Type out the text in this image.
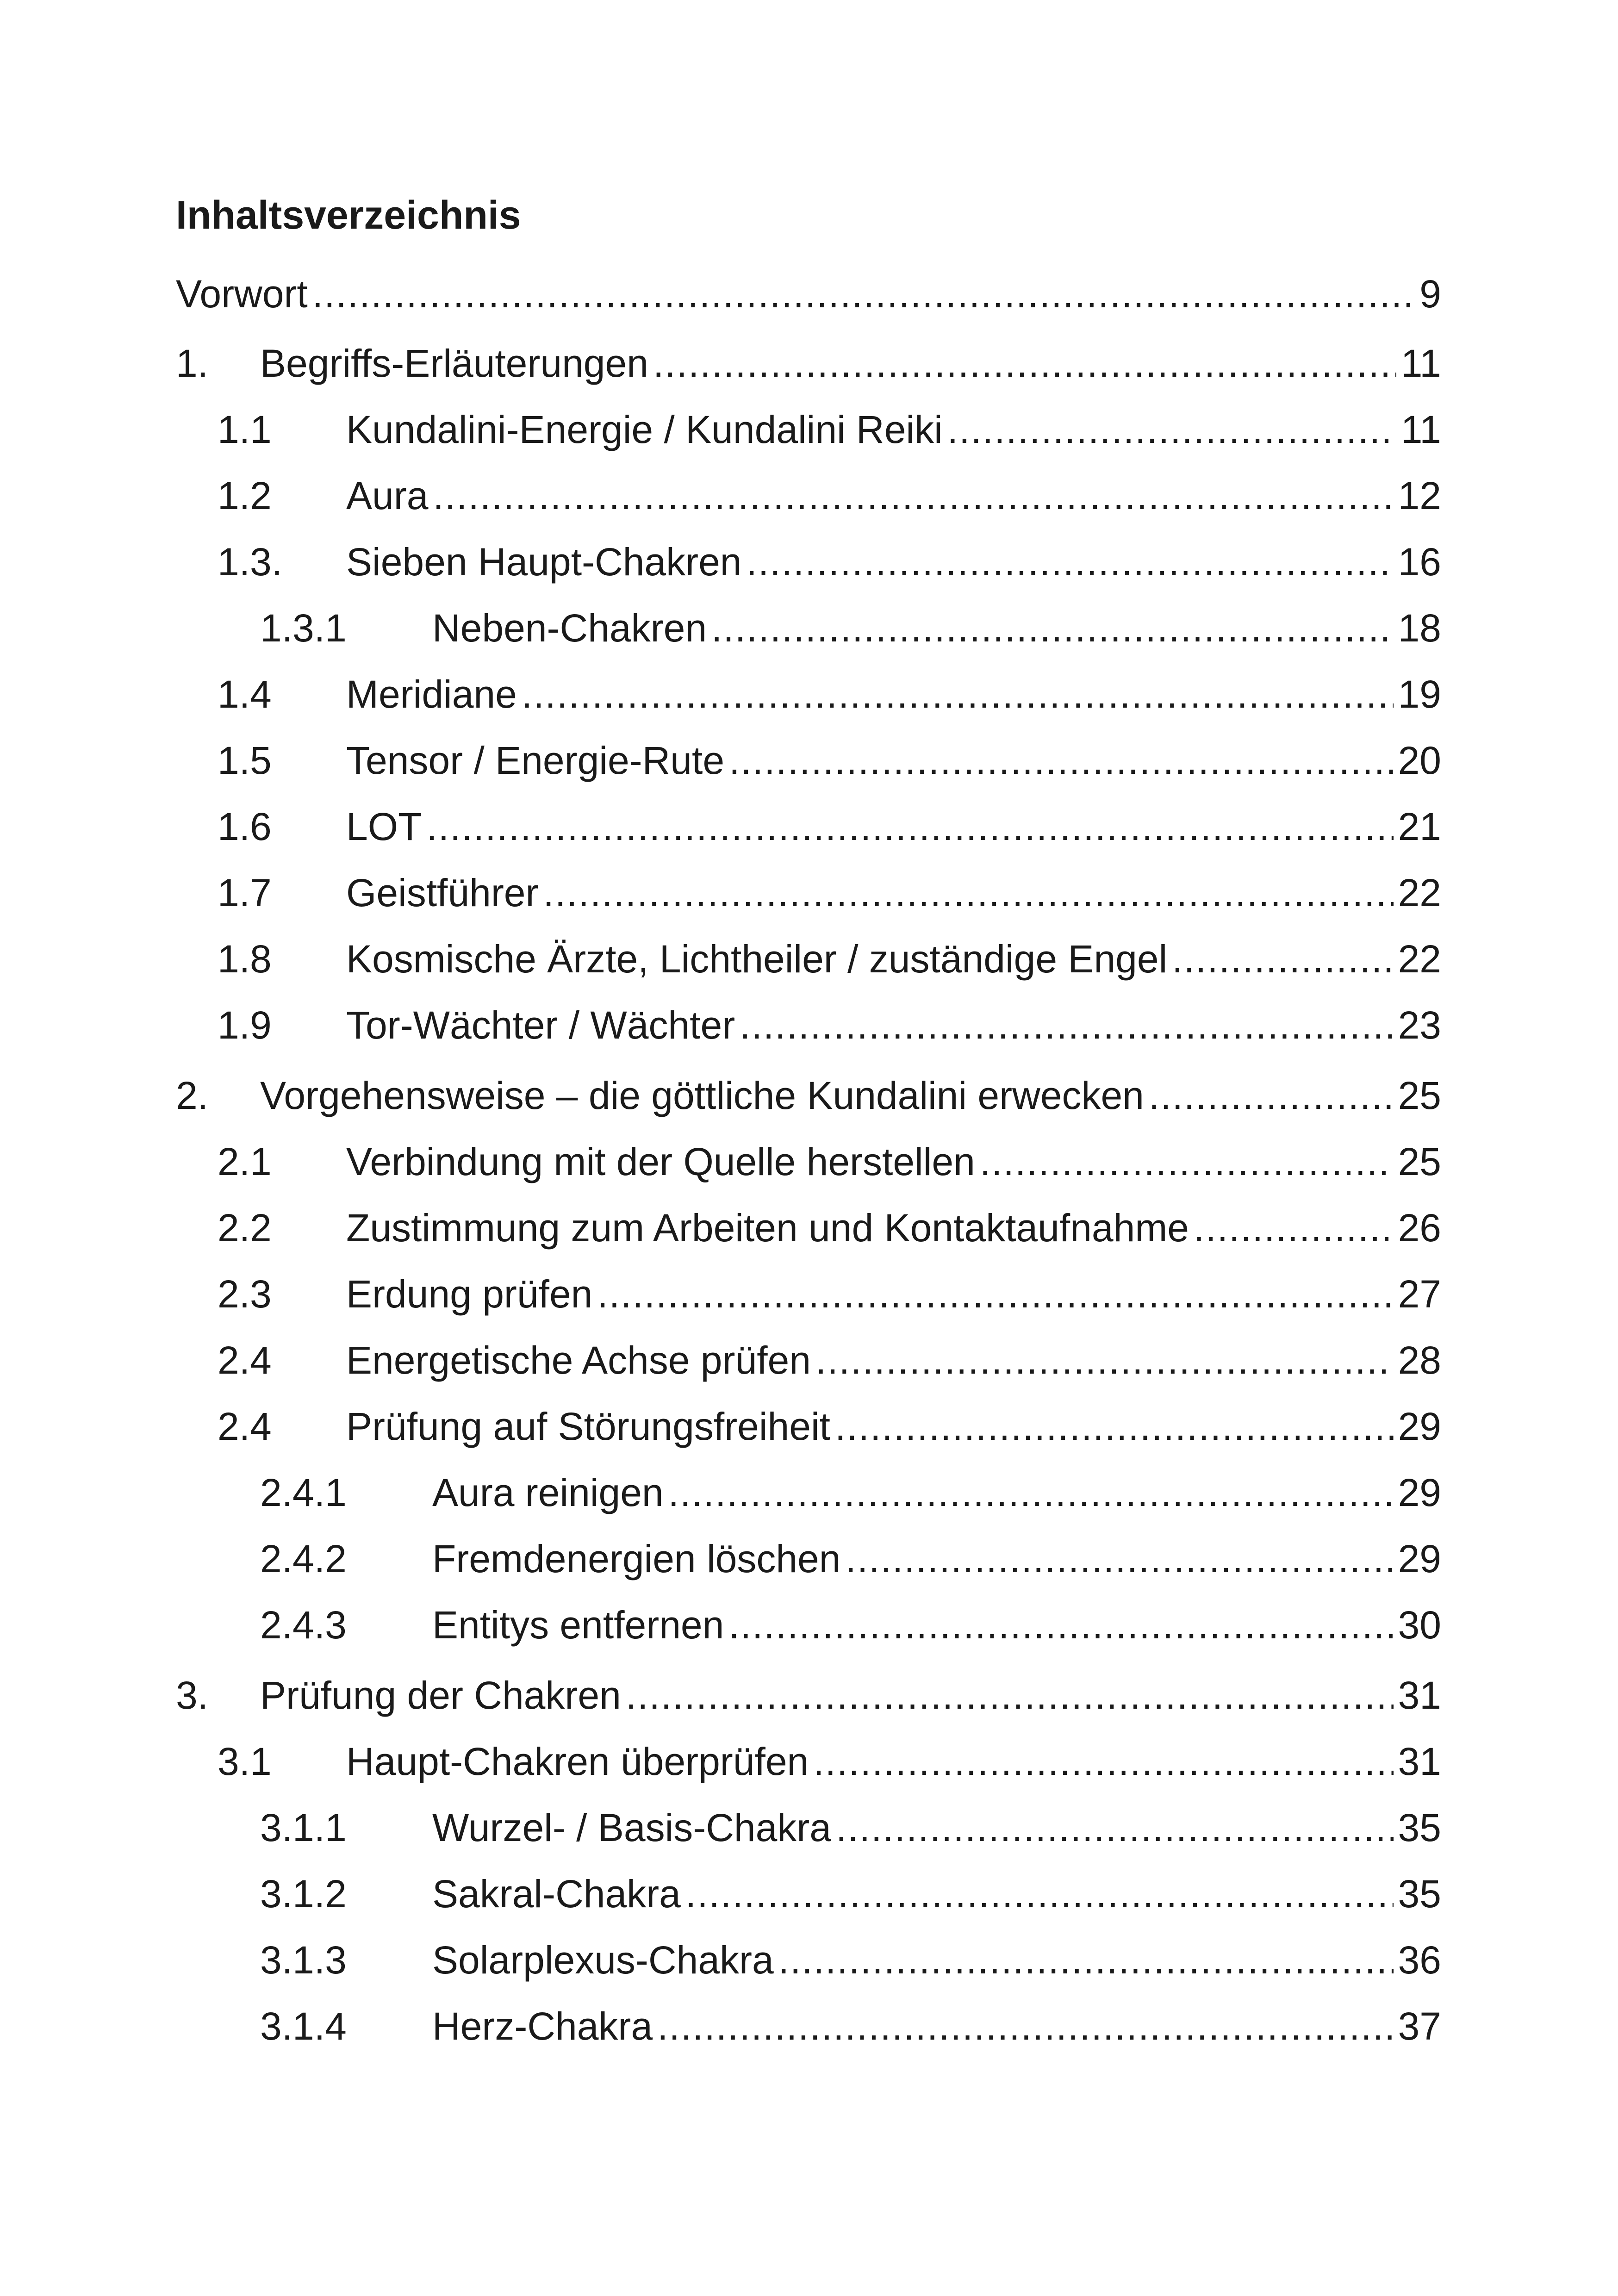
Inhaltsverzeichnis
Vorwort .....	9
1.	Begriffs-Erläuterungen .....	11
1.1	Kundalini-Energie / Kundalini Reiki .....	11
1.2	Aura .....	12
1.3.	Sieben Haupt-Chakren .....	16
1.3.1	Neben-Chakren .....	18
1.4	Meridiane .....	19
1.5	Tensor / Energie-Rute .....	20
1.6	LOT .....	21
1.7	Geistführer .....	22
1.8	Kosmische Ärzte, Lichtheiler / zuständige Engel .....	22
1.9	Tor-Wächter / Wächter .....	23
2.	Vorgehensweise – die göttliche Kundalini erwecken .....	25
2.1	Verbindung mit der Quelle herstellen .....	25
2.2	Zustimmung zum Arbeiten und Kontaktaufnahme .....	26
2.3	Erdung prüfen .....	27
2.4	Energetische Achse prüfen .....	28
2.4	Prüfung auf Störungsfreiheit .....	29
2.4.1	Aura reinigen .....	29
2.4.2	Fremdenergien löschen .....	29
2.4.3	Entitys entfernen .....	30
3.	Prüfung der Chakren .....	31
3.1	Haupt-Chakren überprüfen .....	31
3.1.1	Wurzel- / Basis-Chakra .....	35
3.1.2	Sakral-Chakra .....	35
3.1.3	Solarplexus-Chakra .....	36
3.1.4	Herz-Chakra .....	37
